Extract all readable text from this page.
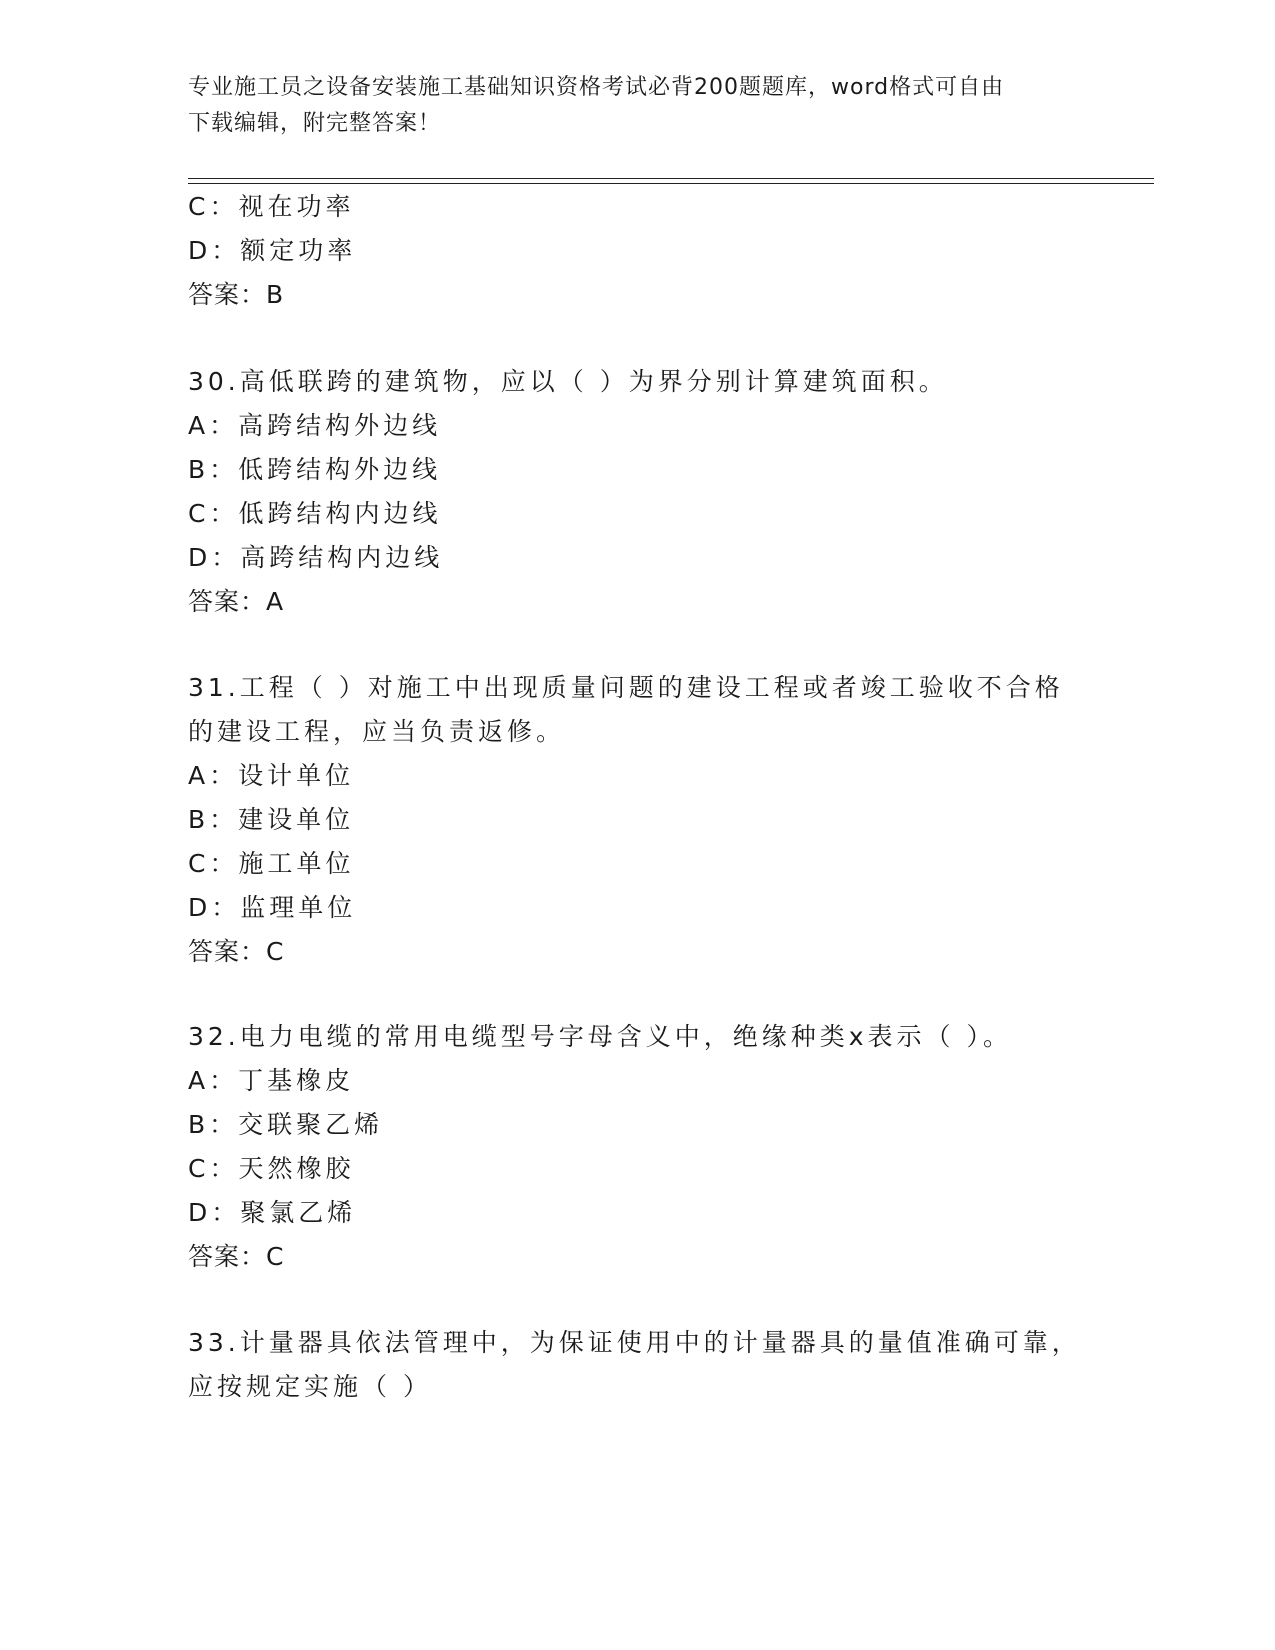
专业施工员之设备安装施工基础知识资格考试必背200题题库，word格式可自由
下载编辑，附完整答案！
C：视在功率
D：额定功率
答案：B
30.高低联跨的建筑物，应以（ ）为界分别计算建筑面积。
A：高跨结构外边线
B：低跨结构外边线
C：低跨结构内边线
D：高跨结构内边线
答案：A
31.工程（ ）对施工中出现质量问题的建设工程或者竣工验收不合格
的建设工程，应当负责返修。
A：设计单位
B：建设单位
C：施工单位
D：监理单位
答案：C
32.电力电缆的常用电缆型号字母含义中，绝缘种类x表示（ ）。
A：丁基橡皮
B：交联聚乙烯
C：天然橡胶
D：聚氯乙烯
答案：C
33.计量器具依法管理中，为保证使用中的计量器具的量值准确可靠，
应按规定实施（ ）
